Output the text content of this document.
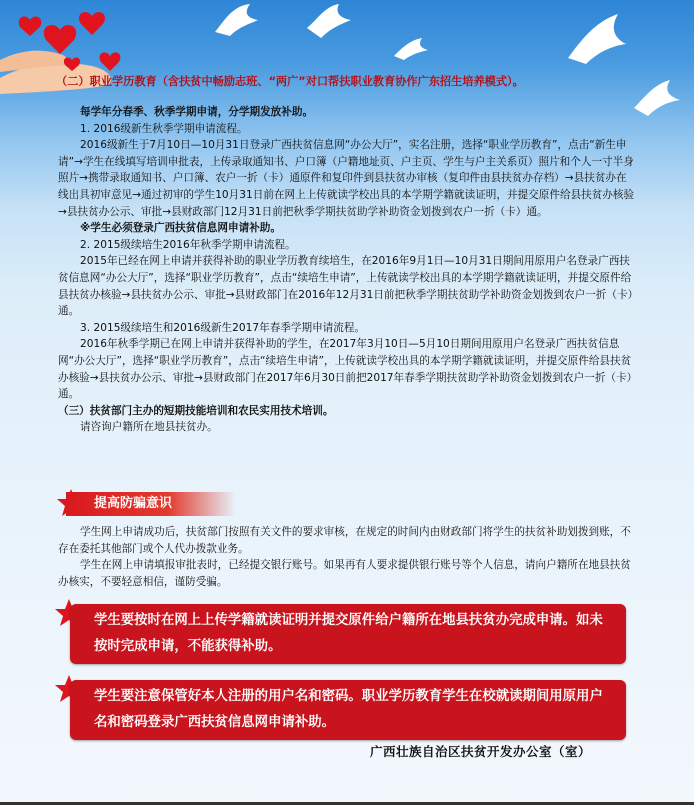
（二）职业学历教育（含扶贫中畅励志班、“两广”对口帮扶职业教育协作广东招生培养模式）。

每学年分春季、秋季学期申请，分学期发放补助。

1. 2016级新生秋季学期申请流程。

2016级新生于7月10日—10月31日登录广西扶贫信息网“办公大厅”，实名注册，选择“职业学历教育”，点击“新生申请”→学生在线填写培训申批表，上传录取通知书、户口簿（户籍地址页、户主页、学生与户主关系页）照片和个人一寸半身照片→携带录取通知书、户口簿、农户一折（卡）通原件和复印件到县扶贫办审核（复印件由县扶贫办存档）→县扶贫办在线出具初审意见→通过初审的学生10月31日前在网上上传就读学校出具的本学期学籍就读证明，并提交原件给县扶贫办核验→县扶贫办公示、审批→县财政部门12月31日前把秋季学期扶贫助学补助资金划拨到农户一折（卡）通。

※学生必须登录广西扶贫信息网申请补助。

2. 2015级续培生2016年秋季学期申请流程。

2015年已经在网上申请并获得补助的职业学历教育续培生，在2016年9月1日—10月31日期间用原用户名登录广西扶贫信息网“办公大厅”，选择“职业学历教育”，点击“续培生申请”，上传就读学校出具的本学期学籍就读证明，并提交原件给县扶贫办核验→县扶贫办公示、审批→县财政部门在2016年12月31日前把秋季学期扶贫助学补助资金划拨到农户一折（卡）通。

3. 2015级续培生和2016级新生2017年春季学期申请流程。

2016年秋季学期已在网上申请并获得补助的学生，在2017年3月10日—5月10日期间用原用户名登录广西扶贫信息网“办公大厅”，选择“职业学历教育”，点击“续培生申请”，上传就读学校出具的本学期学籍就读证明，并提交原件给县扶贫办核验→县扶贫办公示、审批→县财政部门在2017年6月30日前把2017年春季学期扶贫助学补助资金划拨到农户一折（卡）通。

（三）扶贫部门主办的短期技能培训和农民实用技术培训。

请咨询户籍所在地县扶贫办。

提高防骗意识

学生网上申请成功后，扶贫部门按照有关文件的要求审核，在规定的时间内由财政部门将学生的扶贫补助划拨到账，不存在委托其他部门或个人代办拨款业务。

学生在网上申请填报审批表时，已经提交银行账号。如果再有人要求提供银行账号等个人信息，请向户籍所在地县扶贫办核实，不要轻意相信，谨防受骗。

学生要按时在网上上传学籍就读证明并提交原件给户籍所在地县扶贫办完成申请。如未按时完成申请，不能获得补助。
学生要注意保管好本人注册的用户名和密码。职业学历教育学生在校就读期间用原用户名和密码登录广西扶贫信息网申请补助。
广西壮族自治区扶贫开发办公室（室）
